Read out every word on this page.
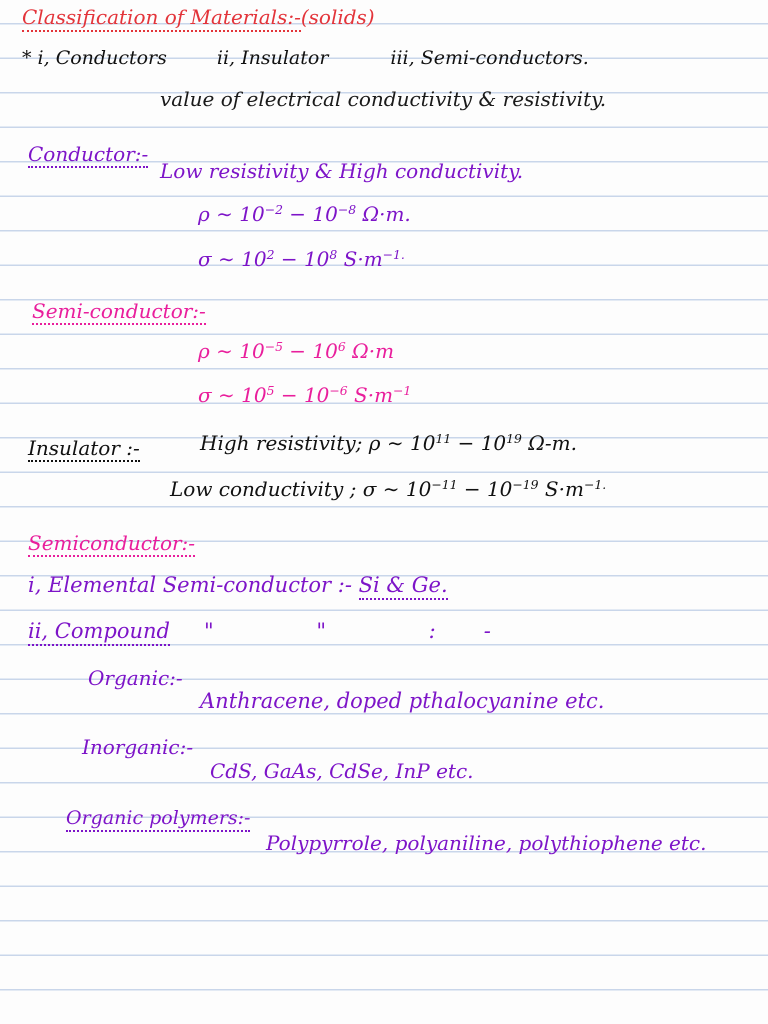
Classification of Materials:-(solids)
* i, Conductors	ii, Insulator	iii, Semi-conductors.
value of electrical conductivity & resistivity.
Conductor:-
Low resistivity & High conductivity.
ρ ∼ $10^{-2} - 10^{-8}$ Ω·m.
σ ∼ $10^2 - 10^8$ $S\cdot m^{-1.}$
Semi-conductor:-
ρ ∼ $10^{-5} - 10^6$ Ω·m
σ ∼ $10^5 - 10^{-6}$ $S\cdot m^{-1}$
Insulator :-	High resistivity; ρ ∼ $10^{11} - 10^{19}$ Ω-m.
Low conductivity ; σ ∼ $10^{-11} - 10^{-19}$ $S\cdot m^{-1.}$
Semiconductor:-
i, Elemental Semi-conductor :- Si & Ge.
ii, Compound " " :-
Organic:-
Anthracene, doped pthalocyanine etc.
Inorganic:-
CdS, GaAs, CdSe, InP etc.
Organic polymers:-
Polypyrrole, polyaniline, polythiophene etc.
